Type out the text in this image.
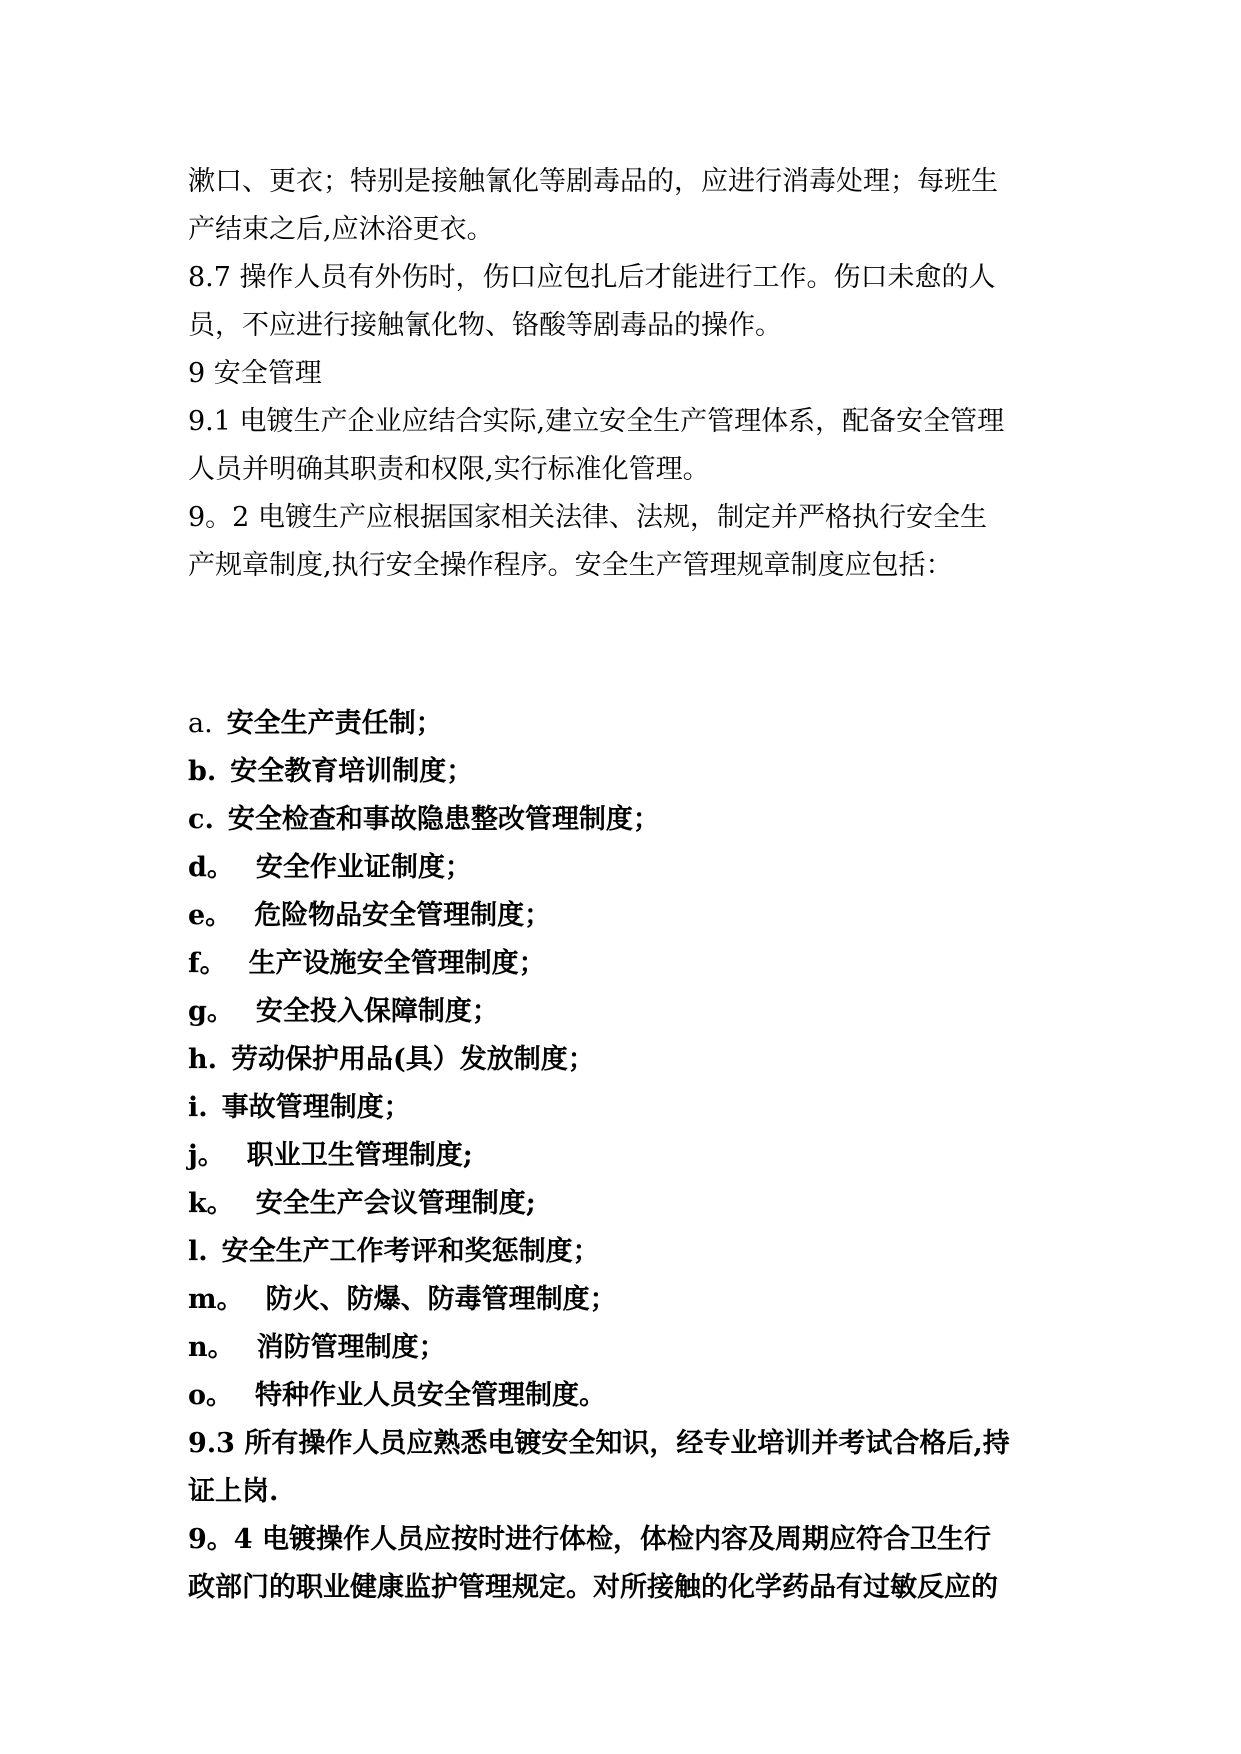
漱口、更衣；特别是接触氰化等剧毒品的，应进行消毒处理；每班生

产结束之后,应沐浴更衣。

8.7 操作人员有外伤时，伤口应包扎后才能进行工作。伤口未愈的人

员，不应进行接触氰化物、铬酸等剧毒品的操作。

9 安全管理

9.1 电镀生产企业应结合实际,建立安全生产管理体系，配备安全管理

人员并明确其职责和权限,实行标准化管理。

9。2 电镀生产应根据国家相关法律、法规，制定并严格执行安全生

产规章制度,执行安全操作程序。安全生产管理规章制度应包括：

a. 安全生产责任制；

b. 安全教育培训制度；

c. 安全检查和事故隐患整改管理制度；

d。 安全作业证制度；

e。 危险物品安全管理制度；

f。 生产设施安全管理制度；

g。 安全投入保障制度；

h. 劳动保护用品(具）发放制度；

i. 事故管理制度；

j。 职业卫生管理制度;

k。 安全生产会议管理制度;

l. 安全生产工作考评和奖惩制度；

m。 防火、防爆、防毒管理制度；

n。 消防管理制度；

o。 特种作业人员安全管理制度。

9.3 所有操作人员应熟悉电镀安全知识，经专业培训并考试合格后,持

证上岗.

9。4 电镀操作人员应按时进行体检，体检内容及周期应符合卫生行

政部门的职业健康监护管理规定。对所接触的化学药品有过敏反应的
